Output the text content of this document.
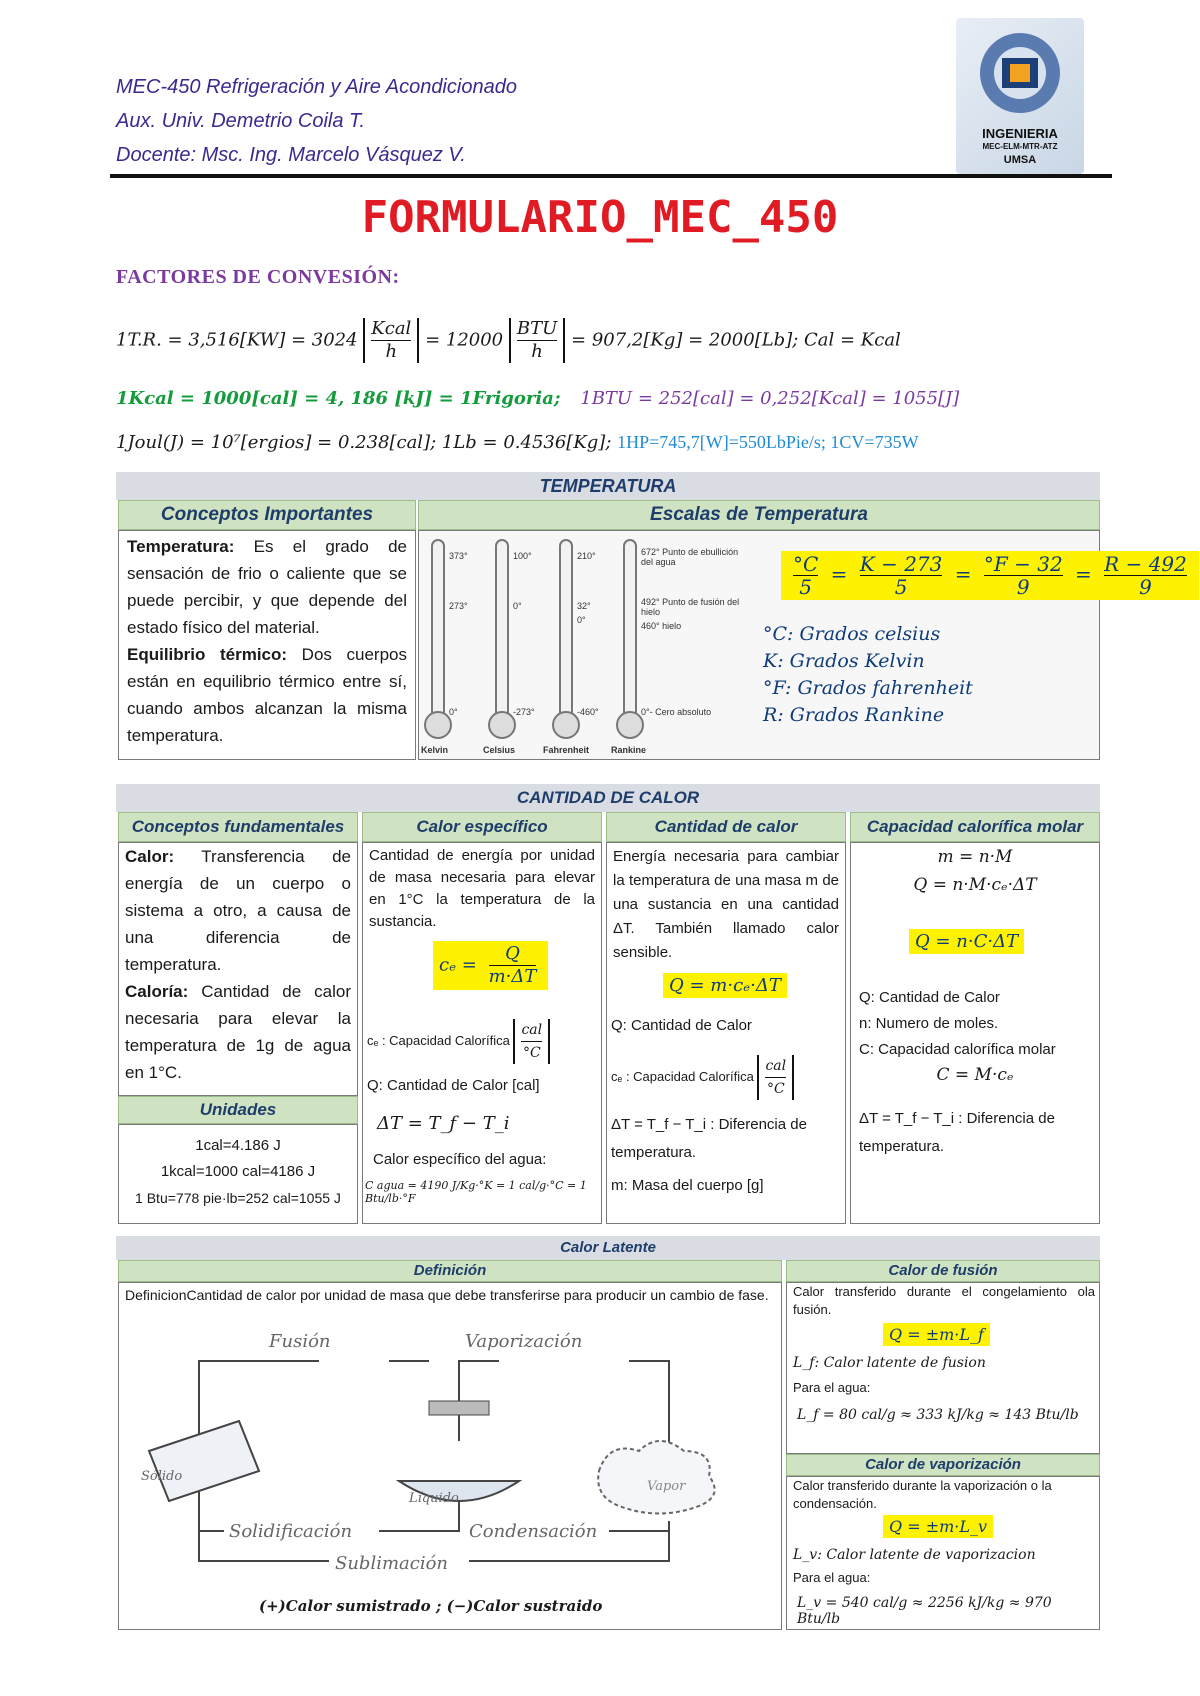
MEC-450 Refrigeración y Aire Acondicionado
Aux. Univ. Demetrio Coila T.
Docente: Msc. Ing. Marcelo Vásquez V.
INGENIERIA
MEC-ELM-MTR-ATZ
UMSA
FORMULARIO_MEC_450
FACTORES DE CONVESIÓN:
1T.R. = $3,516[KW] = 3024 \frac{\text{Kcal}}{h} = 12000 \frac{\text{BTU}}{h} = 907,2[Kg] = 2000[Lb]$; Cal = Kcal
1Kcal = 1000[cal] = 4, 186 [kJ] = 1Frigoria; 1BTU = 252[cal] = 0,252[Kcal] = 1055[J]
1Joul(J) = 10⁷[ergios] = 0.238[cal]; 1Lb = 0.4536[Kg]; 1HP=745,7[W]=550LbPie/s; 1CV=735W
TEMPERATURA
Conceptos Importantes	Escalas de Temperatura
Temperatura: Es el grado de sensación de frio o caliente que se puede percibir, y que depende del estado físico del material.
Equilibrio térmico: Dos cuerpos están en equilibrio térmico entre sí, cuando ambos alcanzan la misma temperatura.
373°
273°
0°
100°
0°
-273°
210°
32°
0°
-460°
672° Punto de ebullición del agua
492° Punto de fusión del hielo
460° hielo
0°- Cero absoluto
Kelvin	Celsius	Fahrenheit Rankine
$\frac{^\circ C}{5} = \frac{K - 273}{5} = \frac{^\circ F - 32}{9} = \frac{R - 492}{9}$
°C: Grados celsius
K: Grados Kelvin
°F: Grados fahrenheit
R: Grados Rankine
CANTIDAD DE CALOR
Conceptos fundamentales	Calor específico	Cantidad de calor	Capacidad calorífica molar
Calor: Transferencia de energía de un cuerpo o sistema a otro, a causa de una diferencia de temperatura.
Caloría: Cantidad de calor necesaria para elevar la temperatura de 1g de agua en 1°C.
Unidades
1cal=4.186 J
1kcal=1000 cal=4186 J
1 Btu=778 pie·lb=252 cal=1055 J
Cantidad de energía por unidad de masa necesaria para elevar en 1°C la temperatura de la sustancia.
$c_e = \frac{Q}{m\cdot\Delta T}$
cₑ : Capacidad Calorífica $\frac{\text{cal}}{^\circ C}$
Q: Cantidad de Calor [cal]
ΔT = T_f − T_i
Calor específico del agua:
C agua = 4190 J/Kg·°K = 1 cal/g·°C = 1 Btu/lb·°F
Energía necesaria para cambiar la temperatura de una masa m de una sustancia en una cantidad ΔT. También llamado calor sensible.
Q = m·cₑ·ΔT
Q: Cantidad de Calor
cₑ : Capacidad Calorífica $\frac{\text{cal}}{^\circ C}$
ΔT = T_f − T_i : Diferencia de temperatura.
m: Masa del cuerpo [g]
m = n·M
Q = n·M·cₑ·ΔT
Q = n·C·ΔT
Q: Cantidad de Calor
n: Numero de moles.
C: Capacidad calorífica molar
C = M·cₑ
ΔT = T_f − T_i : Diferencia de temperatura.
Calor Latente
Definición	Calor de fusión
DefinicionCantidad de calor por unidad de masa que debe transferirse para producir un cambio de fase.
Fusión	Vaporización
Sólido
Líquido
Vapor
Solidificación	Condensación
Sublimación
(+)Calor sumistrado ; (−)Calor sustraido
Calor transferido durante el congelamiento ola fusión.
Q = ±m·L_f
L_f: Calor latente de fusion
Para el agua:
L_f = 80 cal/g ≈ 333 kJ/kg ≈ 143 Btu/lb
Calor de vaporización
Calor transferido durante la vaporización o la condensación.
Q = ±m·L_v
L_v: Calor latente de vaporizacion
Para el agua:
L_v = 540 cal/g ≈ 2256 kJ/kg ≈ 970 Btu/lb
